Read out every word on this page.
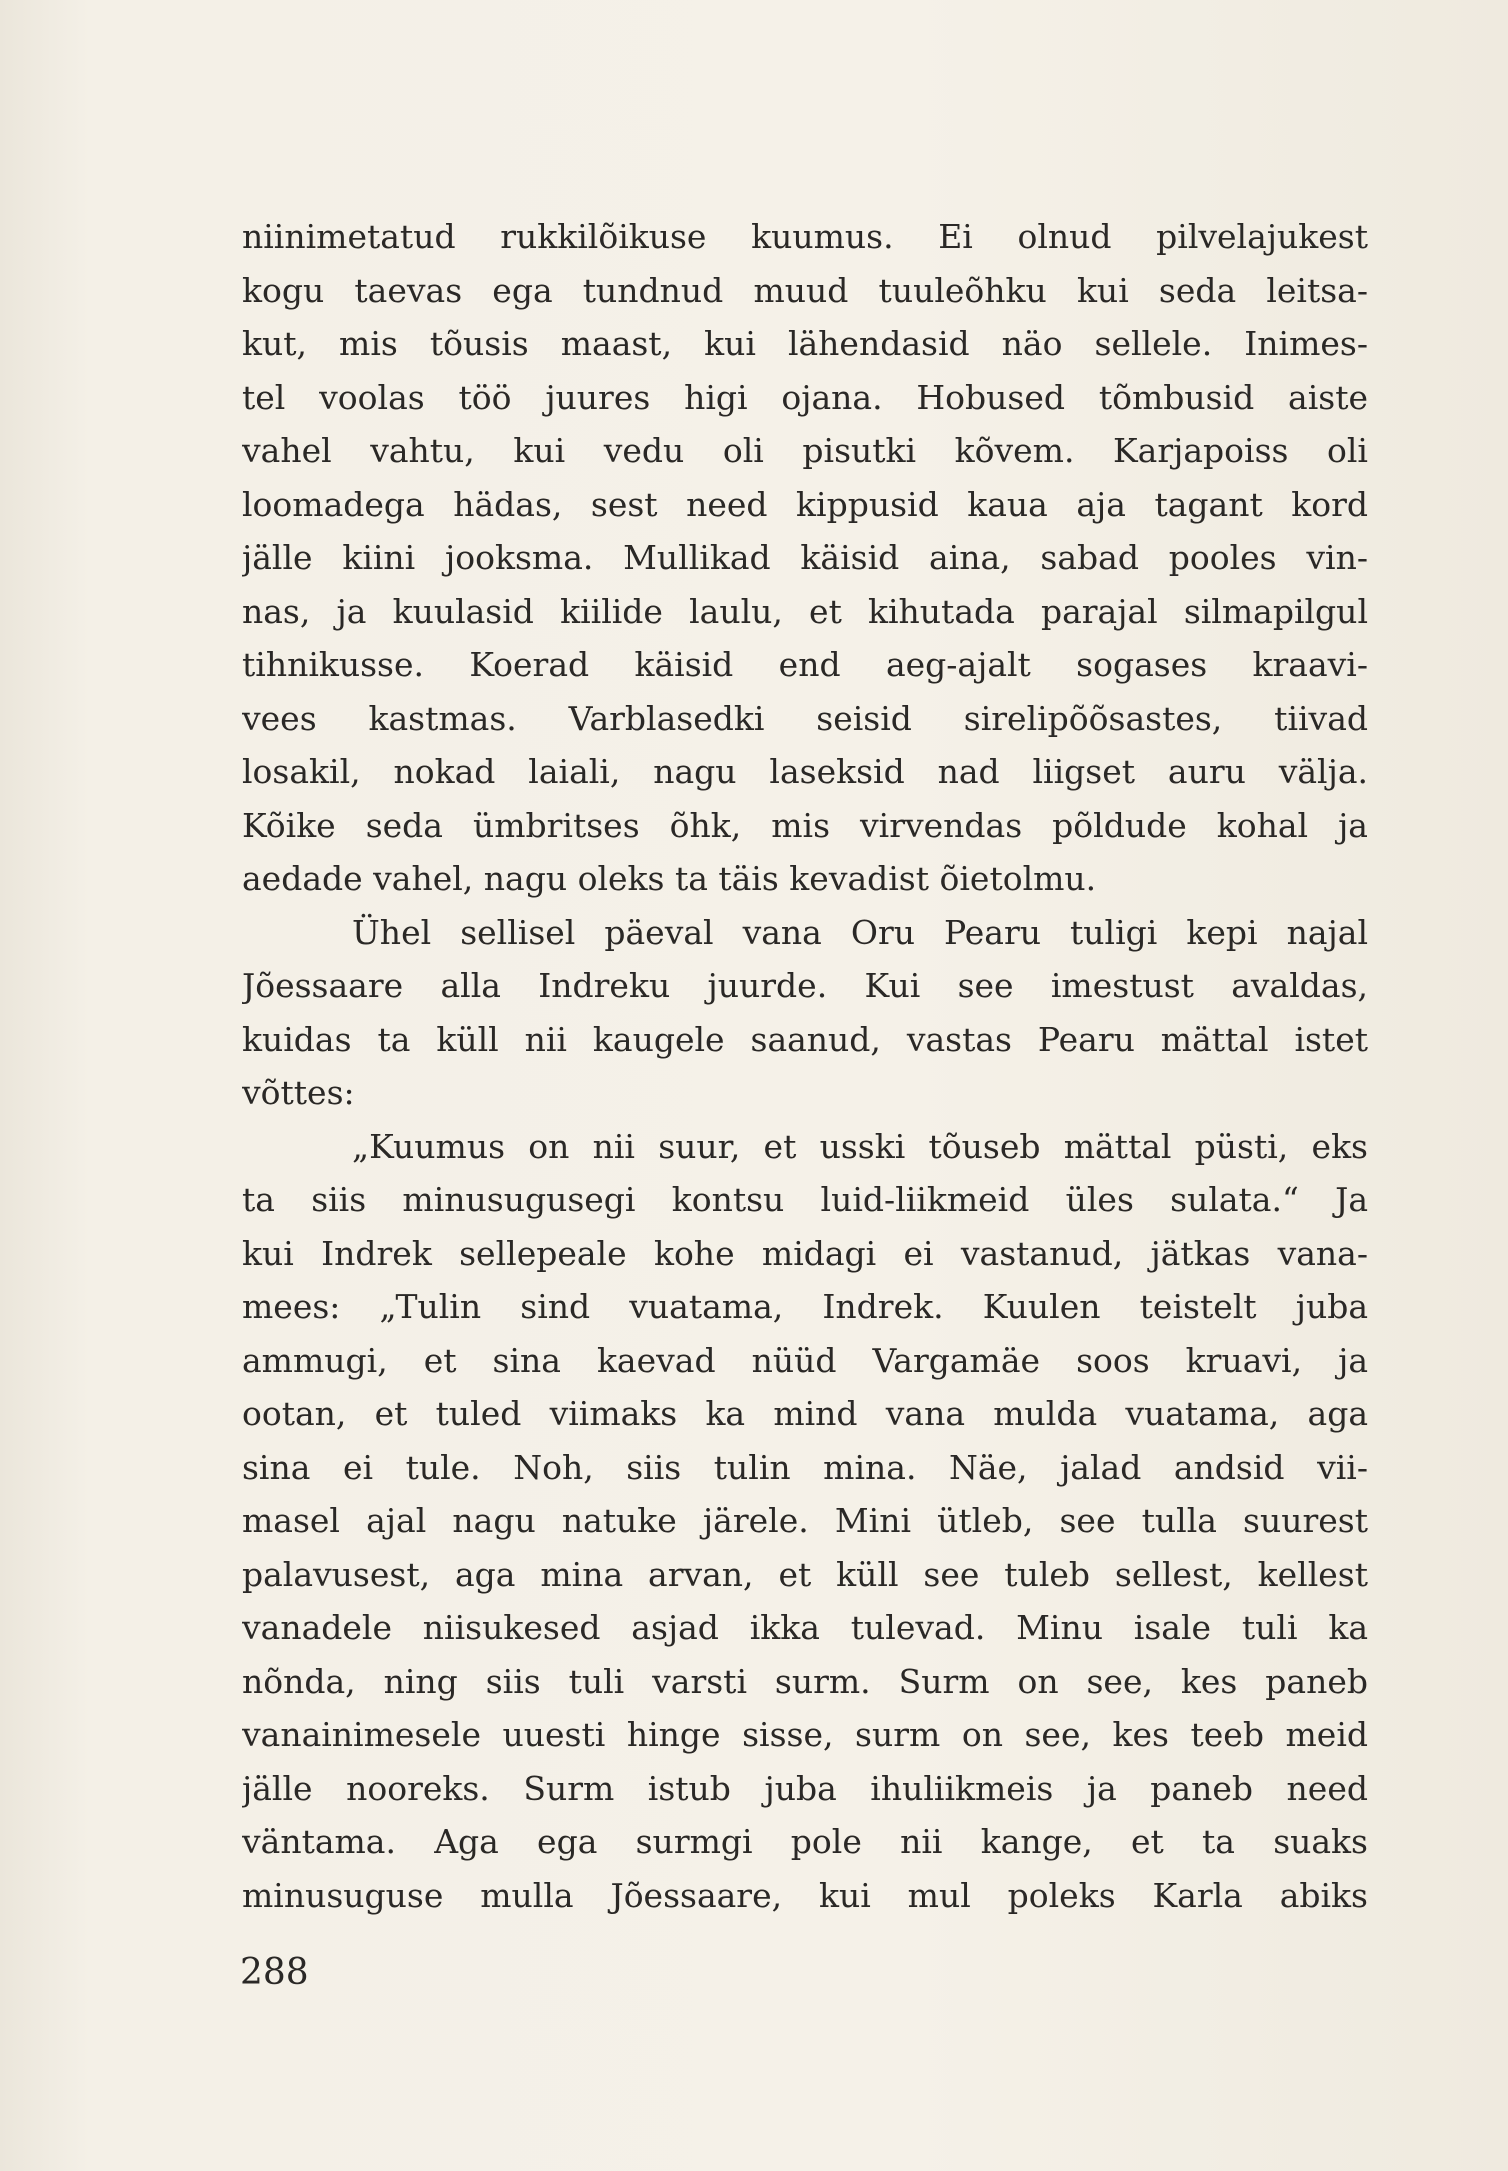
niinimetatud rukkilõikuse kuumus. Ei olnud pilvelajukest
kogu taevas ega tundnud muud tuuleõhku kui seda leitsa-
kut, mis tõusis maast, kui lähendasid näo sellele. Inimes-
tel voolas töö juures higi ojana. Hobused tõmbusid aiste
vahel vahtu, kui vedu oli pisutki kõvem. Karjapoiss oli
loomadega hädas, sest need kippusid kaua aja tagant kord
jälle kiini jooksma. Mullikad käisid aina, sabad pooles vin-
nas, ja kuulasid kiilide laulu, et kihutada parajal silmapilgul
tihnikusse. Koerad käisid end aeg-ajalt sogases kraavi-
vees kastmas. Varblasedki seisid sirelipõõsastes, tiivad
losakil, nokad laiali, nagu laseksid nad liigset auru välja.
Kõike seda ümbritses õhk, mis virvendas põldude kohal ja
aedade vahel, nagu oleks ta täis kevadist õietolmu.
Ühel sellisel päeval vana Oru Pearu tuligi kepi najal
Jõessaare alla Indreku juurde. Kui see imestust avaldas,
kuidas ta küll nii kaugele saanud, vastas Pearu mättal istet
võttes:
„Kuumus on nii suur, et usski tõuseb mättal püsti, eks
ta siis minusugusegi kontsu luid-liikmeid üles sulata.“ Ja
kui Indrek sellepeale kohe midagi ei vastanud, jätkas vana-
mees: „Tulin sind vuatama, Indrek. Kuulen teistelt juba
ammugi, et sina kaevad nüüd Vargamäe soos kruavi, ja
ootan, et tuled viimaks ka mind vana mulda vuatama, aga
sina ei tule. Noh, siis tulin mina. Näe, jalad andsid vii-
masel ajal nagu natuke järele. Mini ütleb, see tulla suurest
palavusest, aga mina arvan, et küll see tuleb sellest, kellest
vanadele niisukesed asjad ikka tulevad. Minu isale tuli ka
nõnda, ning siis tuli varsti surm. Surm on see, kes paneb
vanainimesele uuesti hinge sisse, surm on see, kes teeb meid
jälle nooreks. Surm istub juba ihuliikmeis ja paneb need
väntama. Aga ega surmgi pole nii kange, et ta suaks
minusuguse mulla Jõessaare, kui mul poleks Karla abiks
288
